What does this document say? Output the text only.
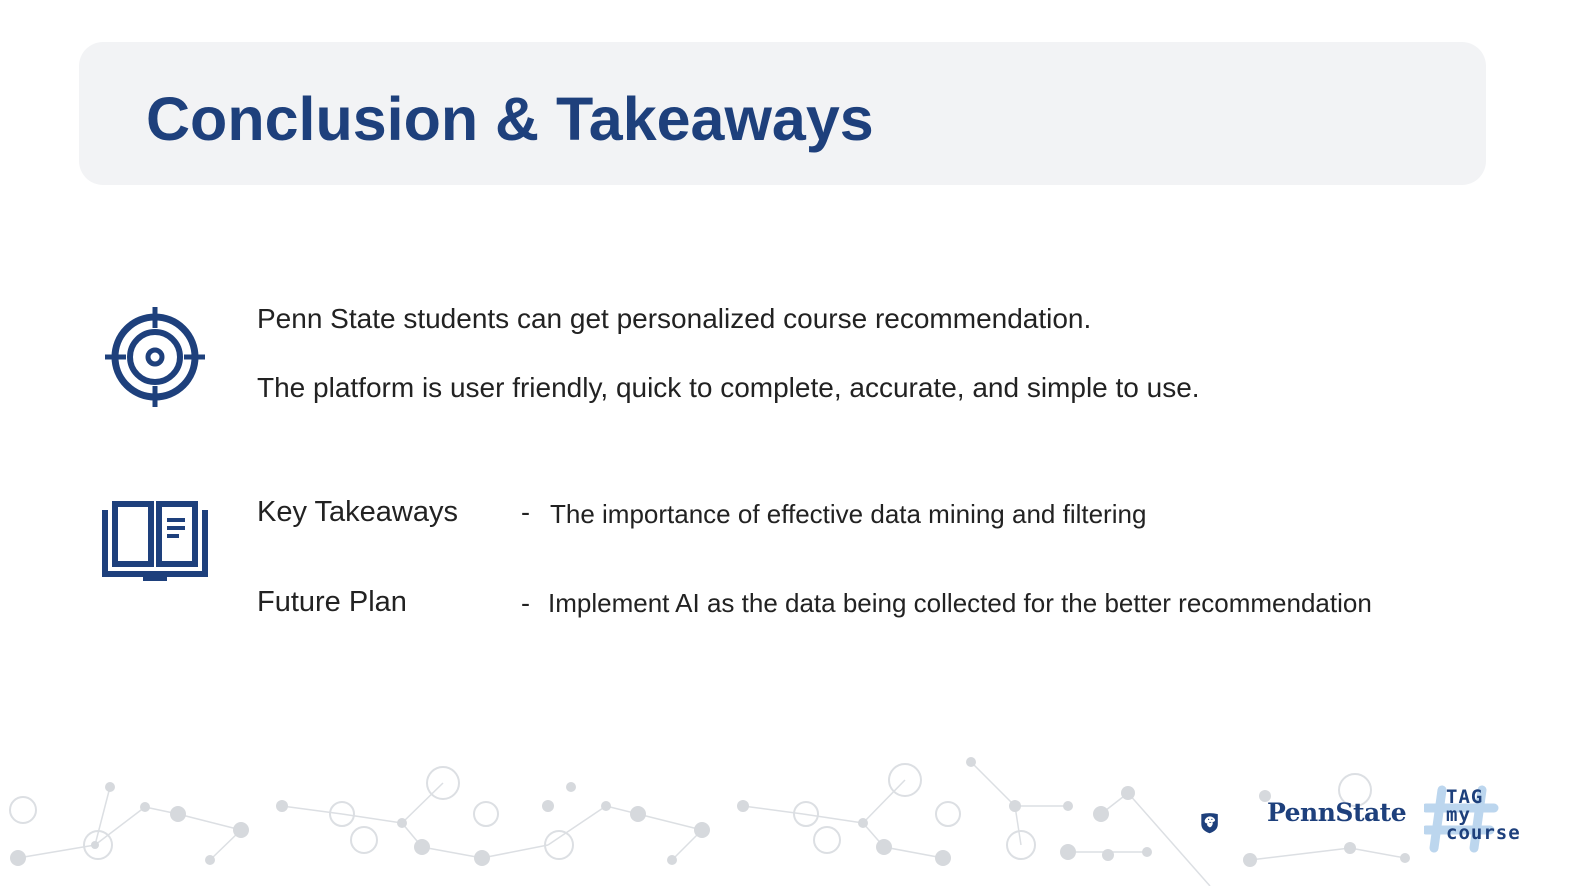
Conclusion & Takeaways
Penn State students can get personalized course recommendation.
The platform is user friendly, quick to complete, accurate, and simple to use.
Key Takeaways - The importance of effective data mining and filtering
Future Plan	- Implement AI as the data being collected for the better recommendation
PennState
TAG
my
course
